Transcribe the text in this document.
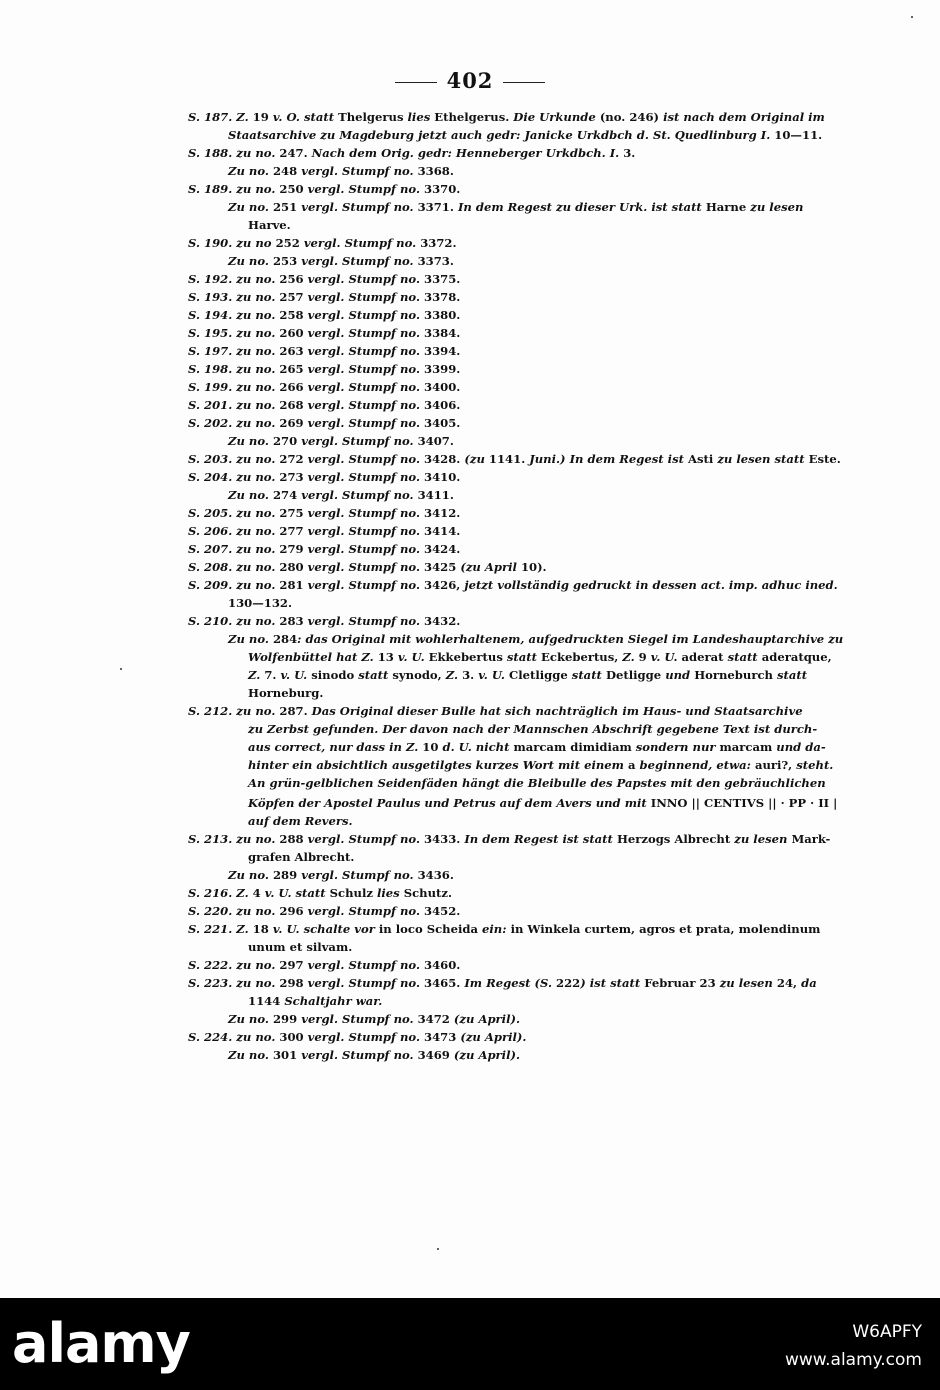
402
S. 187. Z. 19 v. O. statt Thelgerus lies Ethelgerus. Die Urkunde (no. 246) ist nach dem Original im
Staatsarchive zu Magdeburg jetzt auch gedr: Janicke Urkdbch d. St. Quedlinburg I. 10—11.
S. 188. zu no. 247. Nach dem Orig. gedr: Henneberger Urkdbch. I. 3.
Zu no. 248 vergl. Stumpf no. 3368.
S. 189. zu no. 250 vergl. Stumpf no. 3370.
Zu no. 251 vergl. Stumpf no. 3371. In dem Regest zu dieser Urk. ist statt Harne zu lesen
Harve.
S. 190. zu no 252 vergl. Stumpf no. 3372.
Zu no. 253 vergl. Stumpf no. 3373.
S. 192. zu no. 256 vergl. Stumpf no. 3375.
S. 193. zu no. 257 vergl. Stumpf no. 3378.
S. 194. zu no. 258 vergl. Stumpf no. 3380.
S. 195. zu no. 260 vergl. Stumpf no. 3384.
S. 197. zu no. 263 vergl. Stumpf no. 3394.
S. 198. zu no. 265 vergl. Stumpf no. 3399.
S. 199. zu no. 266 vergl. Stumpf no. 3400.
S. 201. zu no. 268 vergl. Stumpf no. 3406.
S. 202. zu no. 269 vergl. Stumpf no. 3405.
Zu no. 270 vergl. Stumpf no. 3407.
S. 203. zu no. 272 vergl. Stumpf no. 3428. (zu 1141. Juni.) In dem Regest ist Asti zu lesen statt Este.
S. 204. zu no. 273 vergl. Stumpf no. 3410.
Zu no. 274 vergl. Stumpf no. 3411.
S. 205. zu no. 275 vergl. Stumpf no. 3412.
S. 206. zu no. 277 vergl. Stumpf no. 3414.
S. 207. zu no. 279 vergl. Stumpf no. 3424.
S. 208. zu no. 280 vergl. Stumpf no. 3425 (zu April 10).
S. 209. zu no. 281 vergl. Stumpf no. 3426, jetzt vollständig gedruckt in dessen act. imp. adhuc ined.
130—132.
S. 210. zu no. 283 vergl. Stumpf no. 3432.
Zu no. 284: das Original mit wohlerhaltenem, aufgedruckten Siegel im Landeshauptarchive zu
Wolfenbüttel hat Z. 13 v. U. Ekkebertus statt Eckebertus, Z. 9 v. U. aderat statt aderatque,
Z. 7. v. U. sinodo statt synodo, Z. 3. v. U. Cletligge statt Detligge und Horneburch statt
Horneburg.
S. 212. zu no. 287. Das Original dieser Bulle hat sich nachträglich im Haus- und Staatsarchive
zu Zerbst gefunden. Der davon nach der Mannschen Abschrift gegebene Text ist durch-
aus correct, nur dass in Z. 10 d. U. nicht marcam dimidiam sondern nur marcam und da-
hinter ein absichtlich ausgetilgtes kurzes Wort mit einem a beginnend, etwa: auri?, steht.
An grün-gelblichen Seidenfäden hängt die Bleibulle des Papstes mit den gebräuchlichen
Köpfen der Apostel Paulus und Petrus auf dem Avers und mit INNO || CENTIVS || · PP · II |
auf dem Revers.
S. 213. zu no. 288 vergl. Stumpf no. 3433. In dem Regest ist statt Herzogs Albrecht zu lesen Mark-
grafen Albrecht.
Zu no. 289 vergl. Stumpf no. 3436.
S. 216. Z. 4 v. U. statt Schulz lies Schutz.
S. 220. zu no. 296 vergl. Stumpf no. 3452.
S. 221. Z. 18 v. U. schalte vor in loco Scheida ein: in Winkela curtem, agros et prata, molendinum
unum et silvam.
S. 222. zu no. 297 vergl. Stumpf no. 3460.
S. 223. zu no. 298 vergl. Stumpf no. 3465. Im Regest (S. 222) ist statt Februar 23 zu lesen 24, da
1144 Schaltjahr war.
Zu no. 299 vergl. Stumpf no. 3472 (zu April).
S. 224. zu no. 300 vergl. Stumpf no. 3473 (zu April).
Zu no. 301 vergl. Stumpf no. 3469 (zu April).
alamy	W6APFY
www.alamy.com
